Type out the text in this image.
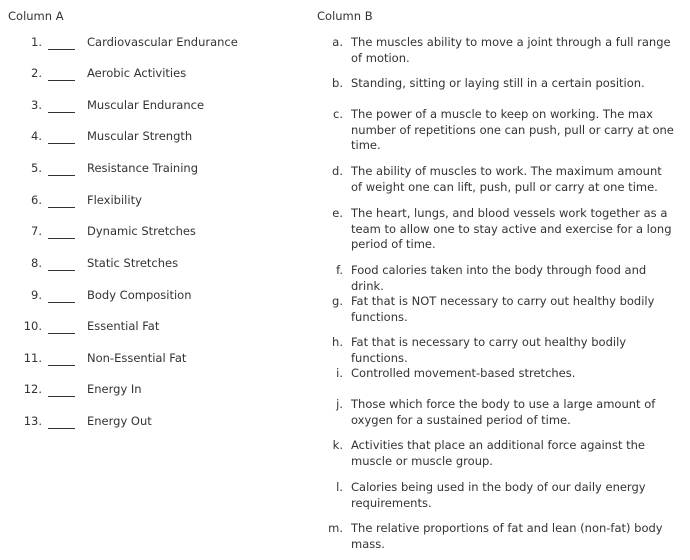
Column A	Column B
1.	Cardiovascular Endurance
2.	Aerobic Activities
3.	Muscular Endurance
4.	Muscular Strength
5.	Resistance Training
6.	Flexibility
7.	Dynamic Stretches
8.	Static Stretches
9.	Body Composition
10.	Essential Fat
11.	Non-Essential Fat
12.	Energy In
13.	Energy Out
a. The muscles ability to move a joint through a full range of motion.
b. Standing, sitting or laying still in a certain position.
c. The power of a muscle to keep on working. The max number of repetitions one can push, pull or carry at one time.
d. The ability of muscles to work. The maximum amount of weight one can lift, push, pull or carry at one time.
e. The heart, lungs, and blood vessels work together as a team to allow one to stay active and exercise for a long period of time.
f. Food calories taken into the body through food and drink.
g. Fat that is NOT necessary to carry out healthy bodily functions.
h. Fat that is necessary to carry out healthy bodily functions.
i. Controlled movement-based stretches.
j. Those which force the body to use a large amount of oxygen for a sustained period of time.
k. Activities that place an additional force against the muscle or muscle group.
l. Calories being used in the body of our daily energy requirements.
m. The relative proportions of fat and lean (non-fat) body mass.
